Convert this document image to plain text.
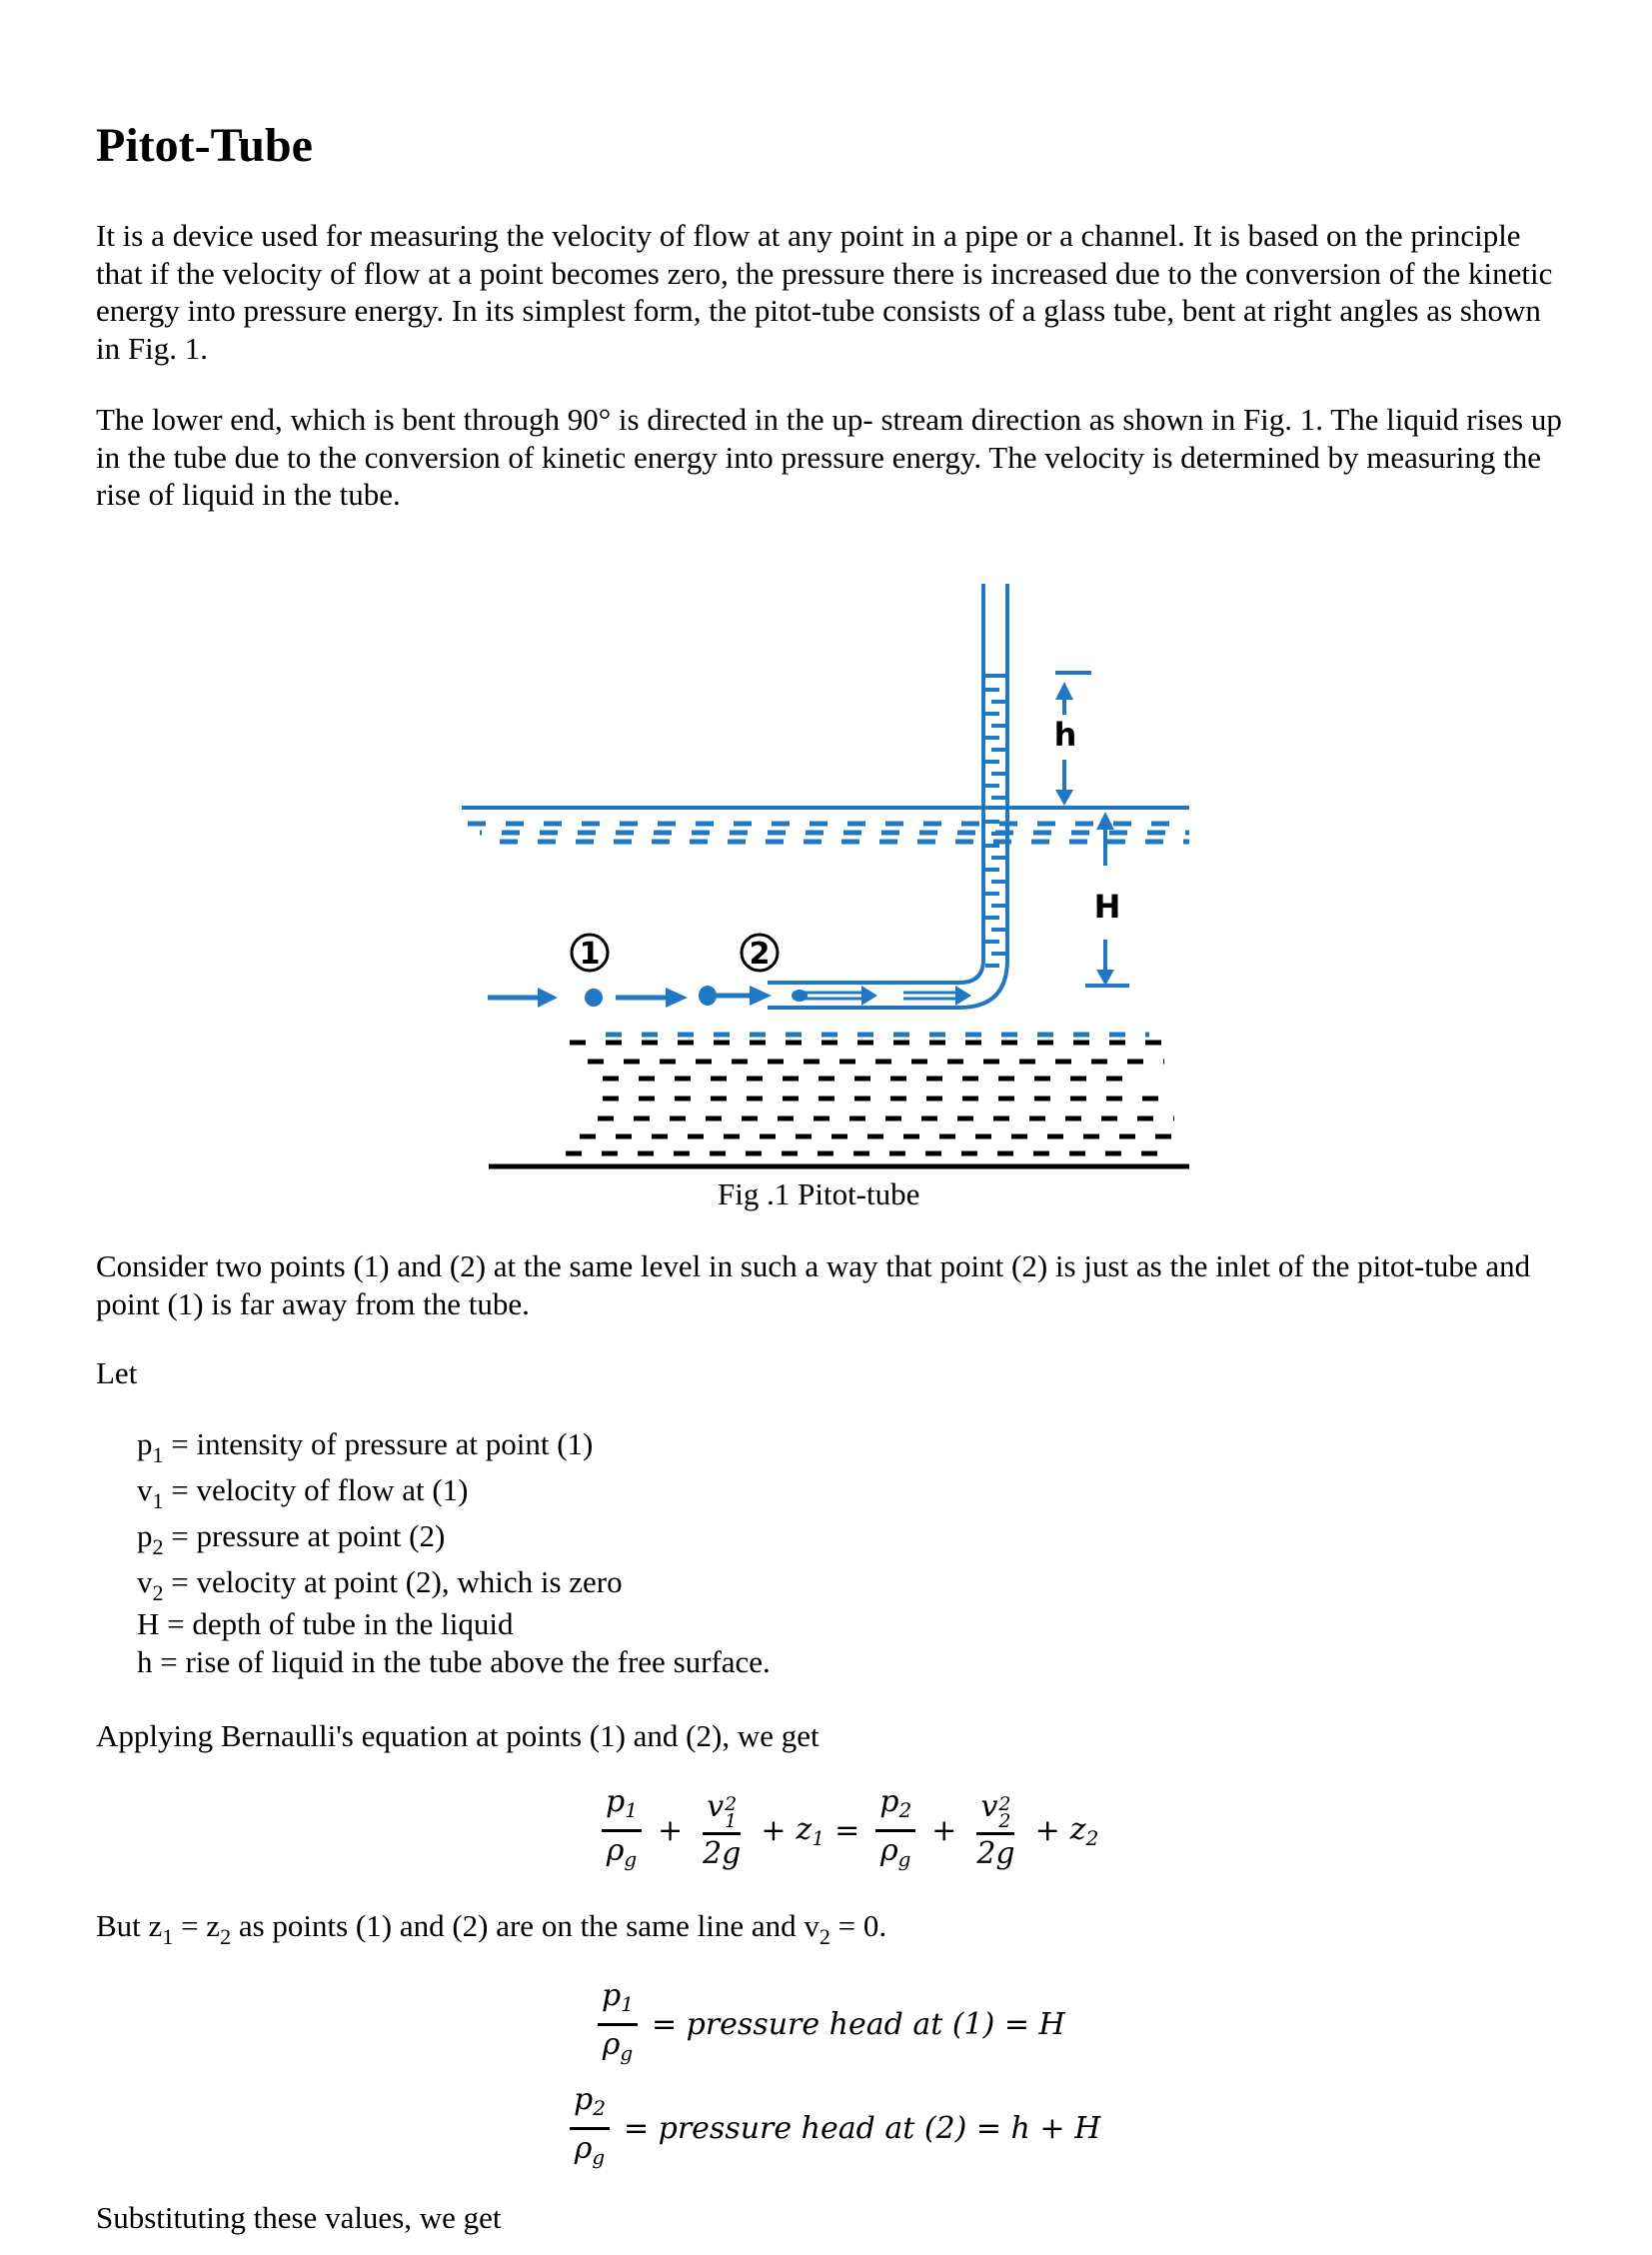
Pitot-Tube

It is a device used for measuring the velocity of flow at any point in a pipe or a channel. It is based on the principle that if the velocity of flow at a point becomes zero, the pressure there is increased due to the conversion of the kinetic energy into pressure energy. In its simplest form, the pitot-tube consists of a glass tube, bent at right angles as shown in Fig. 1.

The lower end, which is bent through 90° is directed in the up- stream direction as shown in Fig. 1. The liquid rises up in the tube due to the conversion of kinetic energy into pressure energy. The velocity is determined by measuring the rise of liquid in the tube.

1	2
h
H
Fig .1 Pitot-tube

Consider two points (1) and (2) at the same level in such a way that point (2) is just as the inlet of the pitot-tube and point (1) is far away from the tube.

Let

$p_1$ = intensity of pressure at point (1)
$v_1$ = velocity of flow at (1)
$p_2$ = pressure at point (2)
$v_2$ = velocity at point (2), which is zero
H = depth of tube in the liquid
h = rise of liquid in the tube above the free surface.

Applying Bernaulli's equation at points (1) and (2), we get

$\frac{p_1}{\rho_g} + v$ 2
1
$2g + z_1 = \frac{p_2}{\rho_g} + v$ 2
2
$2g + z_2$

But $z_1 = z_2$ as points (1) and (2) are on the same line and $v_2 = 0$.

$\frac{p_1}{\rho_g}$ = pressure head at (1) = H
$\frac{p_2}{\rho_g}$ = pressure head at (2) = h + H

Substituting these values, we get
